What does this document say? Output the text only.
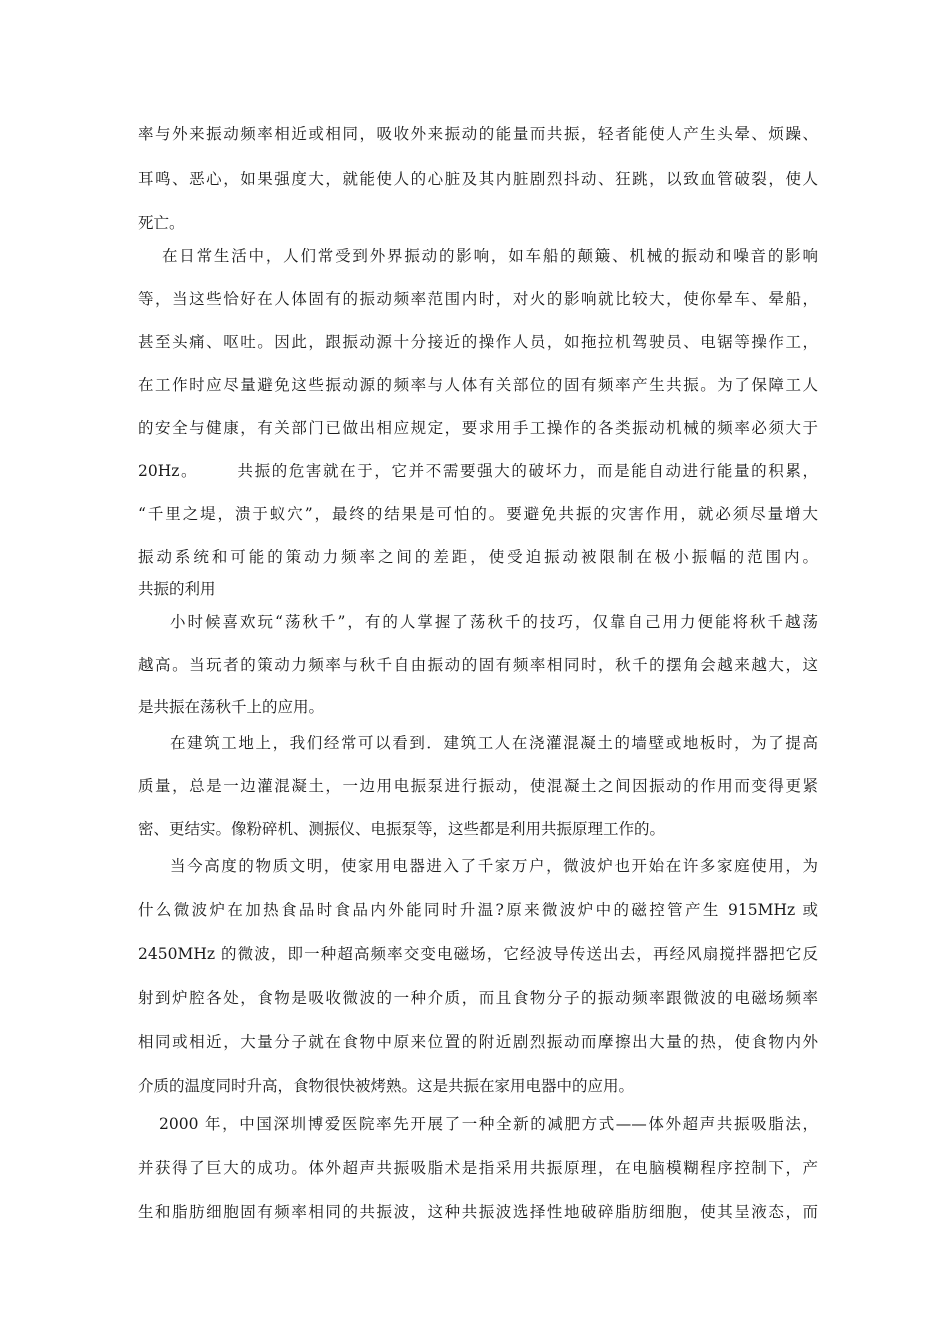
率与外来振动频率相近或相同，吸收外来振动的能量而共振，轻者能使人产生头晕、烦躁、
耳鸣、恶心，如果强度大，就能使人的心脏及其内脏剧烈抖动、狂跳，以致血管破裂，使人
死亡。
在日常生活中，人们常受到外界振动的影响，如车船的颠簸、机械的振动和噪音的影响
等，当这些恰好在人体固有的振动频率范围内时，对火的影响就比较大，使你晕车、晕船，
甚至头痛、呕吐。因此，跟振动源十分接近的操作人员，如拖拉机驾驶员、电锯等操作工，
在工作时应尽量避免这些振动源的频率与人体有关部位的固有频率产生共振。为了保障工人
的安全与健康，有关部门已做出相应规定，要求用手工操作的各类振动机械的频率必须大于
20Hz。      共振的危害就在于，它并不需要强大的破坏力，而是能自动进行能量的积累，
“千里之堤，溃于蚁穴”，最终的结果是可怕的。要避免共振的灾害作用，就必须尽量增大
振动系统和可能的策动力频率之间的差距，使受迫振动被限制在极小振幅的范围内。
共振的利用
小时候喜欢玩“荡秋千”，有的人掌握了荡秋千的技巧，仅靠自己用力便能将秋千越荡
越高。当玩者的策动力频率与秋千自由振动的固有频率相同时，秋千的摆角会越来越大，这
是共振在荡秋千上的应用。
在建筑工地上，我们经常可以看到．建筑工人在浇灌混凝土的墙壁或地板时，为了提高
质量，总是一边灌混凝土，一边用电振泵进行振动，使混凝土之间因振动的作用而变得更紧
密、更结实。像粉碎机、测振仪、电振泵等，这些都是利用共振原理工作的。
当今高度的物质文明，使家用电器进入了千家万户，微波炉也开始在许多家庭使用，为
什么微波炉在加热食品时食品内外能同时升温?原来微波炉中的磁控管产生 915MHz 或
2450MHz 的微波，即一种超高频率交变电磁场，它经波导传送出去，再经风扇搅拌器把它反
射到炉腔各处，食物是吸收微波的一种介质，而且食物分子的振动频率跟微波的电磁场频率
相同或相近，大量分子就在食物中原来位置的附近剧烈振动而摩擦出大量的热，使食物内外
介质的温度同时升高，食物很快被烤熟。这是共振在家用电器中的应用。
2000 年，中国深圳博爱医院率先开展了一种全新的减肥方式——体外超声共振吸脂法，
并获得了巨大的成功。体外超声共振吸脂术是指采用共振原理，在电脑模糊程序控制下，产
生和脂肪细胞固有频率相同的共振波，这种共振波选择性地破碎脂肪细胞，使其呈液态，而
